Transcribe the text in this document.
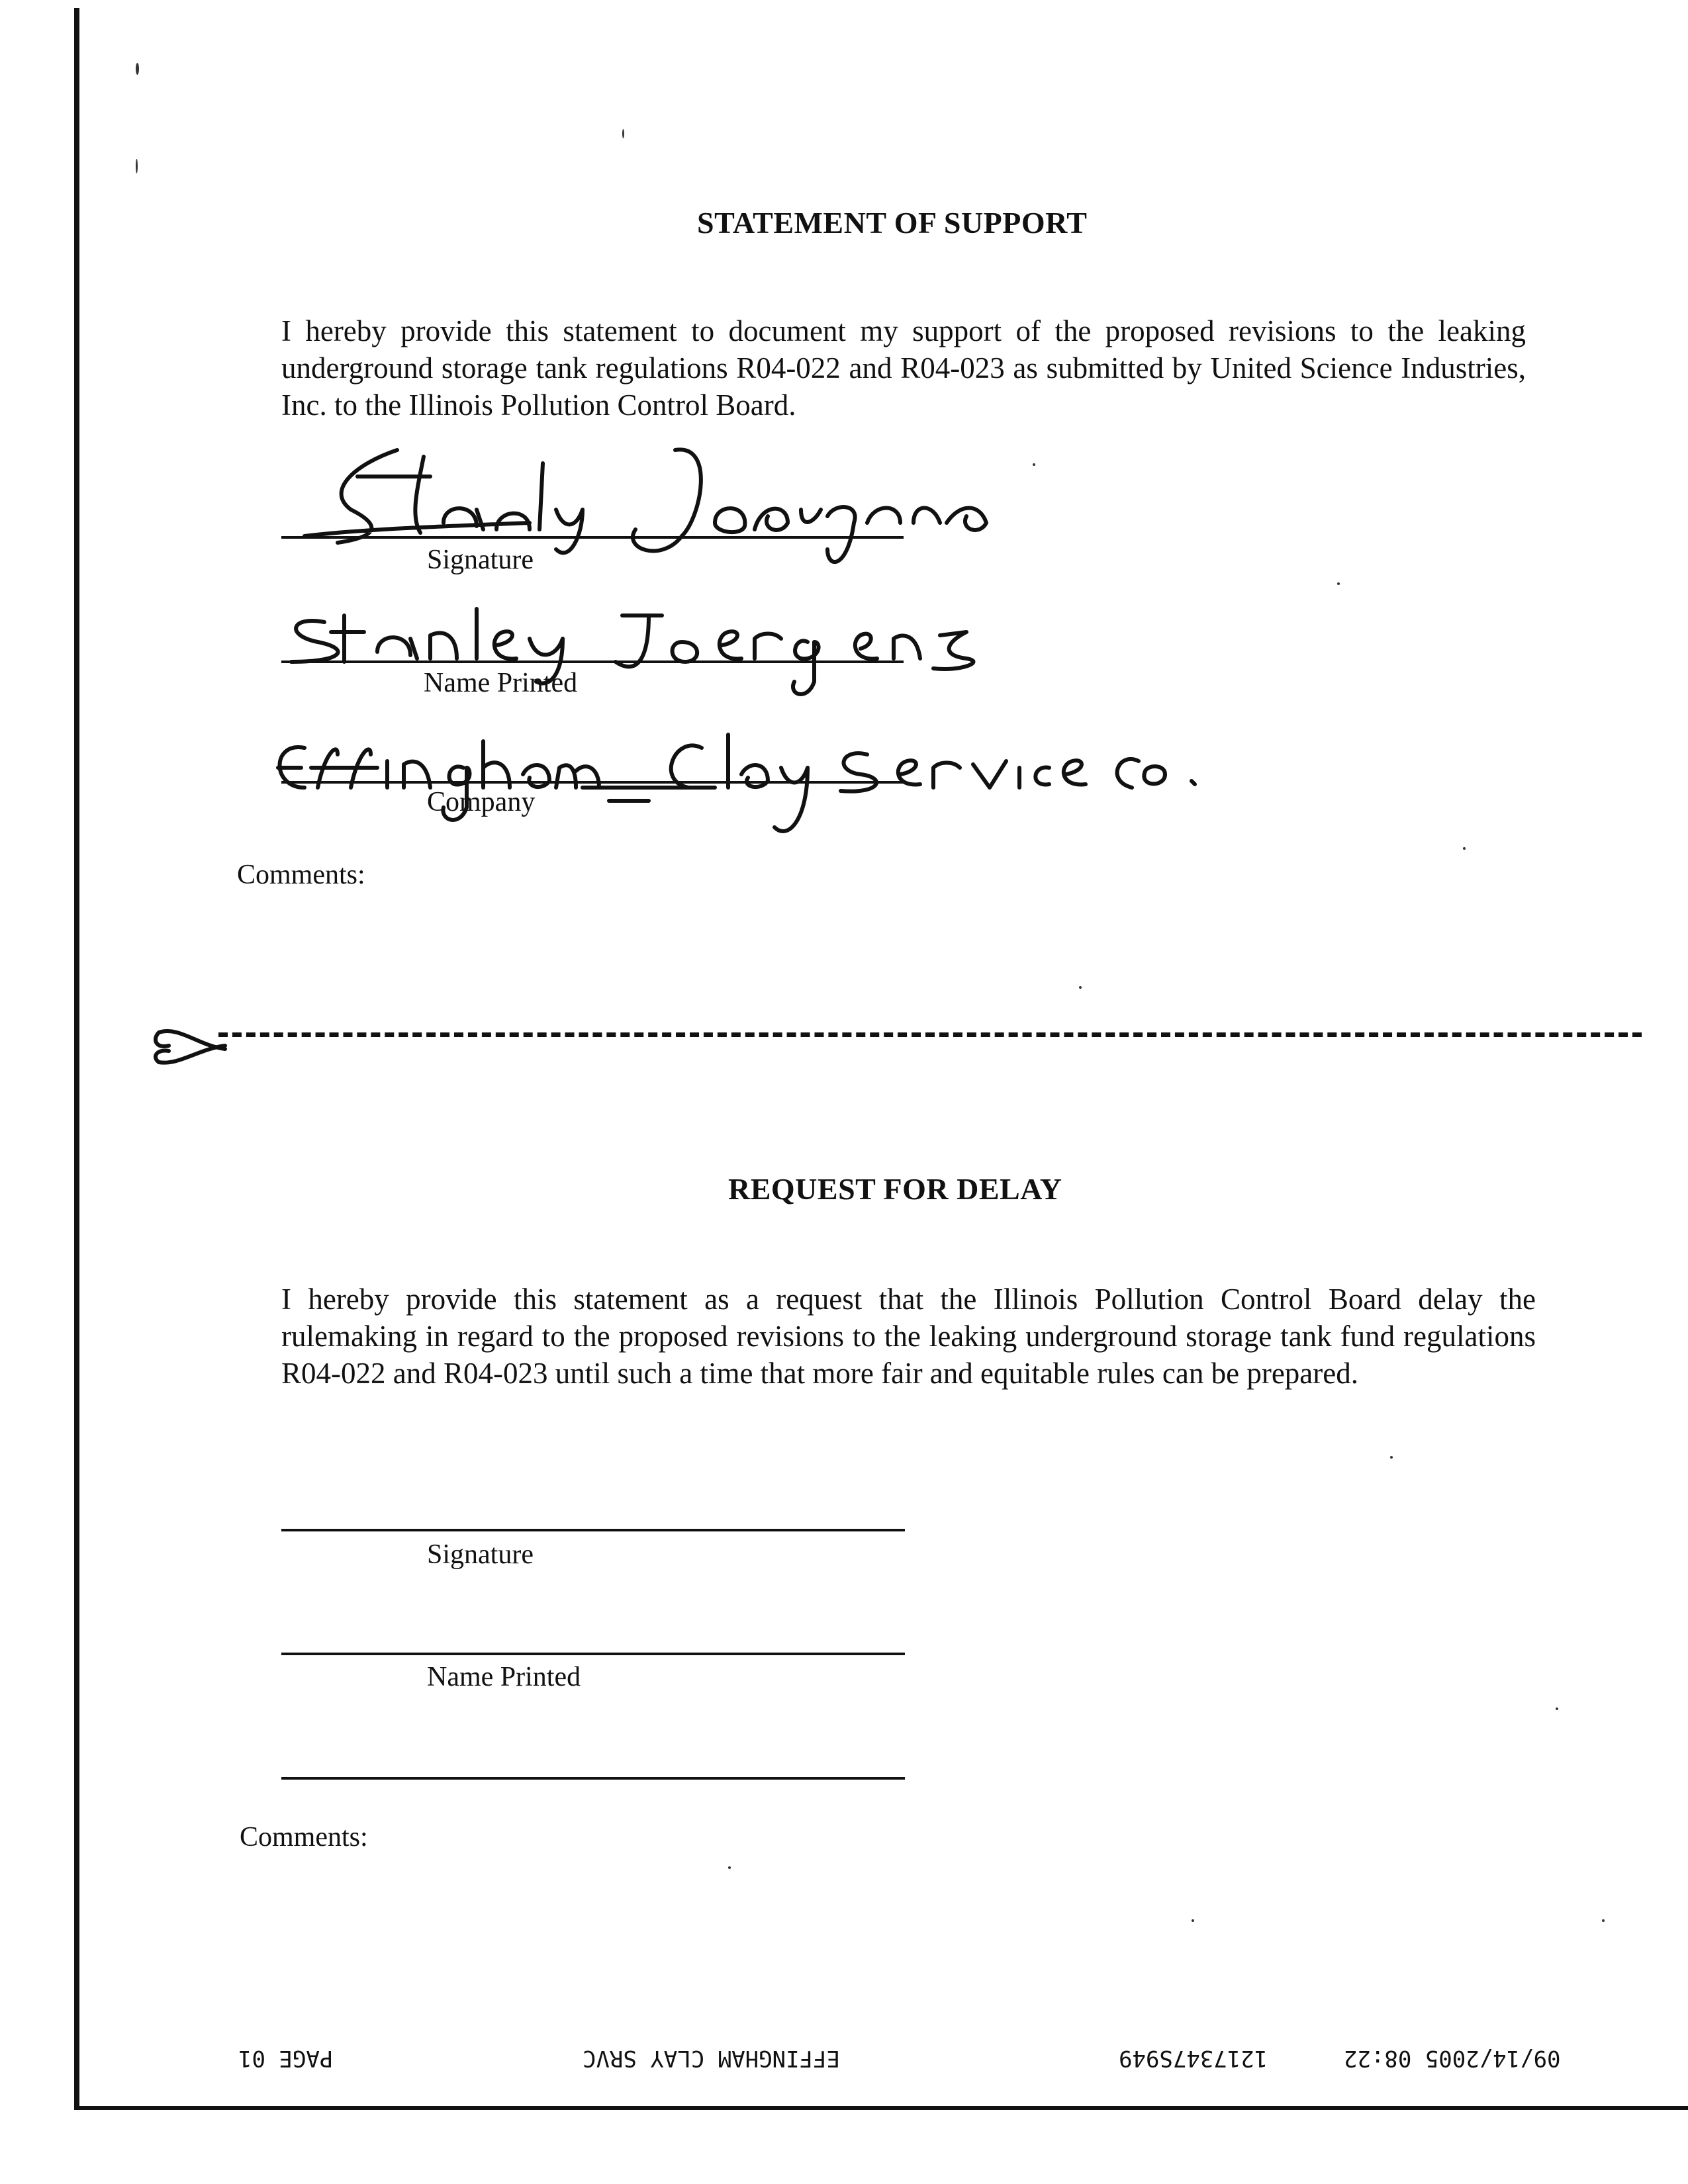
STATEMENT OF SUPPORT
I hereby provide this statement to document my support of the proposed revisions to the leaking underground storage tank regulations R04-022 and R04-023 as submitted by United Science Industries, Inc. to the Illinois Pollution Control Board.
Signature
Name Printed
Company
Comments:
REQUEST FOR DELAY
I hereby provide this statement as a request that the Illinois Pollution Control Board delay the rulemaking in regard to the proposed revisions to the leaking underground storage tank fund regulations R04-022 and R04-023 until such a time that more fair and equitable rules can be prepared.
Signature
Name Printed
Comments:
PAGE 01	EFFINGHAM CLAY SRVC	1217347S949	09/14/2005 08:22
